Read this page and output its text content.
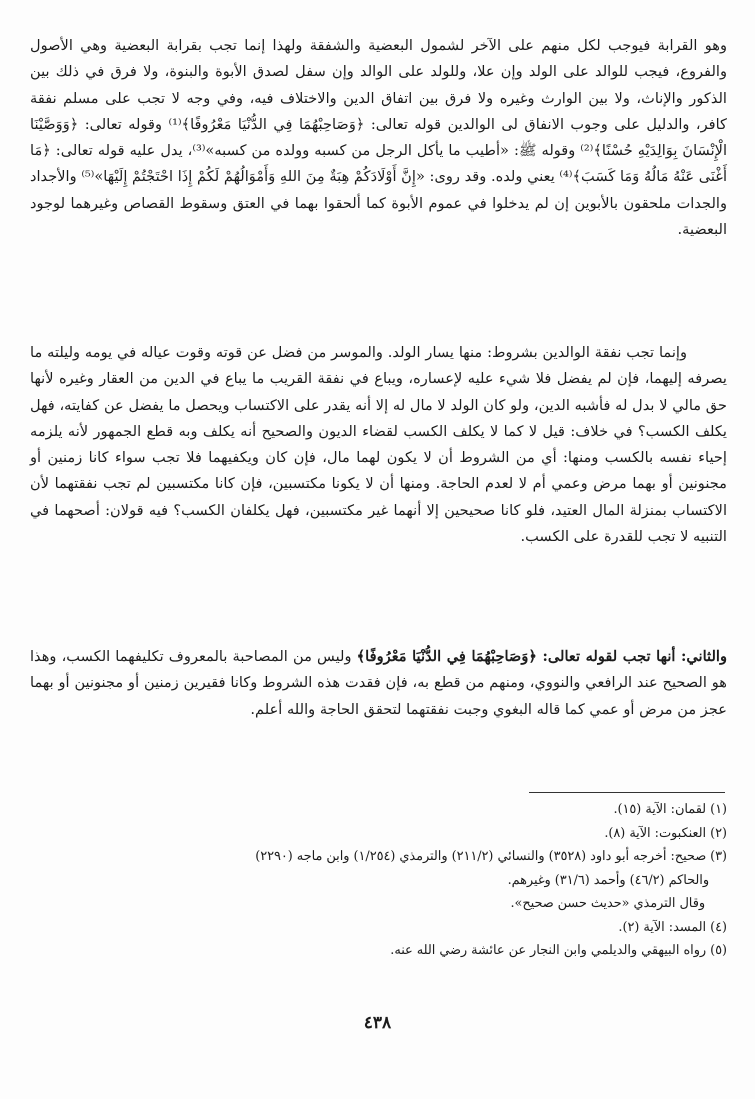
وهو القرابة فيوجب لكل منهم على الآخر لشمول البعضية والشفقة ولهذا إنما تجب بقرابة البعضية وهي الأصول والفروع، فيجب للوالد على الولد وإن علا، وللولد على الوالد وإن سفل لصدق الأبوة والبنوة، ولا فرق في ذلك بين الذكور والإناث، ولا بين الوارث وغيره ولا فرق بين اتفاق الدين والاختلاف فيه، وفي وجه لا تجب على مسلم نفقة كافر، والدليل على وجوب الانفاق لى الوالدين قوله تعالى: ﴿وَصَاحِبْهُمَا فِي الدُّنْيَا مَعْرُوفًا﴾⁽¹⁾ وقوله تعالى: ﴿وَوَصَّيْنَا الْإِنْسَانَ بِوَالِدَيْهِ حُسْنًا﴾⁽²⁾ وقوله ﷺ: «أطيب ما يأكل الرجل من كسبه وولده من كسبه»⁽³⁾، يدل عليه قوله تعالى: ﴿مَا أَغْنَى عَنْهُ مَالُهُ وَمَا كَسَبَ﴾⁽⁴⁾ يعني ولده. وقد روى: «إِنَّ أَوْلَادَكُمْ هِبَةٌ مِنَ اللهِ وَأَمْوَالُهُمْ لَكُمْ إِذَا احْتَجْتُمْ إِلَيْهَا»⁽⁵⁾ والأجداد والجدات ملحقون بالأبوين إن لم يدخلوا في عموم الأبوة كما ألحقوا بهما في العتق وسقوط القصاص وغيرهما لوجود البعضية.

وإنما تجب نفقة الوالدين بشروط: منها يسار الولد. والموسر من فضل عن قوته وقوت عياله في يومه وليلته ما يصرفه إليهما، فإن لم يفضل فلا شيء عليه لإعساره، ويباع في نفقة القريب ما يباع في الدين من العقار وغيره لأنها حق مالي لا بدل له فأشبه الدين، ولو كان الولد لا مال له إلا أنه يقدر على الاكتساب ويحصل ما يفضل عن كفايته، فهل يكلف الكسب؟ في خلاف: قيل لا كما لا يكلف الكسب لقضاء الديون والصحيح أنه يكلف وبه قطع الجمهور لأنه يلزمه إحياء نفسه بالكسب ومنها: أي من الشروط أن لا يكون لهما مال، فإن كان ويكفيهما فلا تجب سواء كانا زمنين أو مجنونين أو بهما مرض وعمي أم لا لعدم الحاجة. ومنها أن لا يكونا مكتسبين، فإن كانا مكتسبين لم تجب نفقتهما لأن الاكتساب بمنزلة المال العتيد، فلو كانا صحيحين إلا أنهما غير مكتسبين، فهل يكلفان الكسب؟ فيه قولان: أصحهما في التنبيه لا تجب للقدرة على الكسب.

والثاني: أنها تجب لقوله تعالى: ﴿وَصَاحِبْهُمَا فِي الدُّنْيَا مَعْرُوفًا﴾ وليس من المصاحبة بالمعروف تكليفهما الكسب، وهذا هو الصحيح عند الرافعي والنووي، ومنهم من قطع به، فإن فقدت هذه الشروط وكانا فقيرين زمنين أو مجنونين أو بهما عجز من مرض أو عمي كما قاله البغوي وجبت نفقتهما لتحقق الحاجة والله أعلم.

(١) لقمان: الآية (١٥).

(٢) العنكبوت: الآية (٨).

(٣) صحيح: أخرجه أبو داود (٣٥٢٨) والنسائي (٢١١/٢) والترمذي (١/٢٥٤) وابن ماجه (٢٢٩٠)

والحاكم (٤٦/٢) وأحمد (٣١/٦) وغيرهم.

وقال الترمذي «حديث حسن صحيح».

(٤) المسد: الآية (٢).

(٥) رواه البيهقي والديلمي وابن النجار عن عائشة رضي الله عنه.

٤٣٨
